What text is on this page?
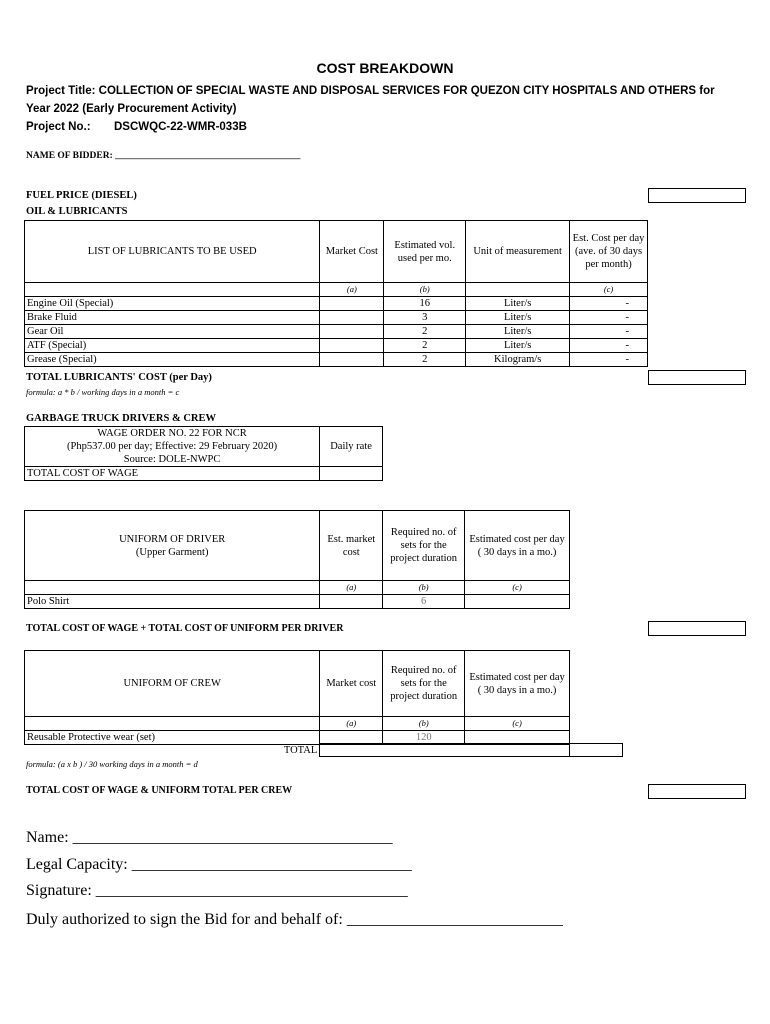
COST BREAKDOWN
Project Title: COLLECTION OF SPECIAL WASTE AND DISPOSAL SERVICES FOR QUEZON CITY HOSPITALS AND OTHERS for Year 2022 (Early Procurement Activity)
Project No.: DSCWQC-22-WMR-033B
NAME OF BIDDER: _______________________________________
FUEL PRICE (DIESEL)
OIL & LUBRICANTS
LIST OF LUBRICANTS TO BE USED	Market Cost	Estimated vol. used per mo.	Unit of measurement	Est. Cost per day (ave. of 30 days per month)
	(a)	(b)		(c)
Engine Oil (Special)		16	Liter/s	-
Brake Fluid		3	Liter/s	-
Gear Oil		2	Liter/s	-
ATF (Special)		2	Liter/s	-
Grease (Special)		2	Kilogram/s	-
TOTAL LUBRICANTS' COST (per Day)
formula: a * b / working days in a month = c
GARBAGE TRUCK DRIVERS & CREW
WAGE ORDER NO. 22 FOR NCR
(Php537.00 per day; Effective: 29 February 2020)
Source: DOLE-NWPC	Daily rate
TOTAL COST OF WAGE	
UNIFORM OF DRIVER
(Upper Garment)	Est. market cost	Required no. of sets for the project duration	Estimated cost per day ( 30 days in a mo.)
	(a)	(b)	(c)
Polo Shirt		6	
TOTAL COST OF WAGE + TOTAL COST OF UNIFORM PER DRIVER
UNIFORM OF CREW	Market cost	Required no. of sets for the project duration	Estimated cost per day ( 30 days in a mo.)
	(a)	(b)	(c)
Reusable Protective wear (set)		120	
TOTAL		
formula: (a x b ) / 30 working days in a month = d
TOTAL COST OF WAGE & UNIFORM TOTAL PER CREW
Name: ________________________________________
Legal Capacity: ___________________________________
Signature: _______________________________________
Duly authorized to sign the Bid for and behalf of: ___________________________
